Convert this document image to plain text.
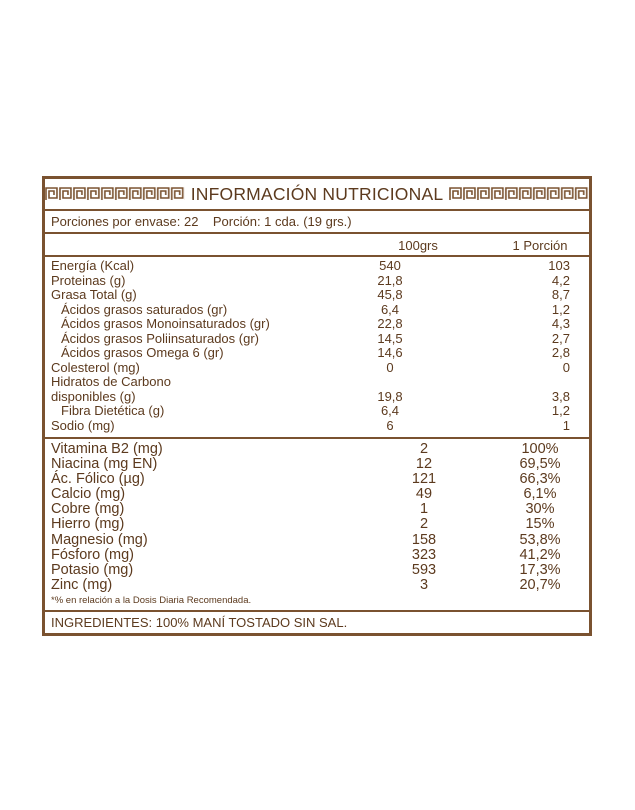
INFORMACIÓN NUTRICIONAL
Porciones por envase: 22    Porción: 1 cda. (19 grs.)
100grs	1 Porción
Energía (Kcal)	540	103
Proteinas (g)	21,8	4,2
Grasa Total (g)	45,8	8,7
Ácidos grasos saturados (gr)	6,4	1,2
Ácidos grasos Monoinsaturados (gr)	22,8	4,3
Ácidos grasos Poliinsaturados (gr)	14,5	2,7
Ácidos grasos Omega 6 (gr)	14,6	2,8
Colesterol (mg)	0	0
Hidratos de Carbono
disponibles (g)	19,8	3,8
Fibra Dietética (g)	6,4	1,2
Sodio (mg)	6	1
Vitamina B2 (mg)	2	100%
Niacina (mg EN)	12	69,5%
Ác. Fólico (µg)	121	66,3%
Calcio (mg)	49	6,1%
Cobre (mg)	1	30%
Hierro (mg)	2	15%
Magnesio (mg)	158	53,8%
Fósforo (mg)	323	41,2%
Potasio (mg)	593	17,3%
Zinc (mg)	3	20,7%
*% en relación a la Dosis Diaria Recomendada.
INGREDIENTES: 100% MANÍ TOSTADO SIN SAL.
